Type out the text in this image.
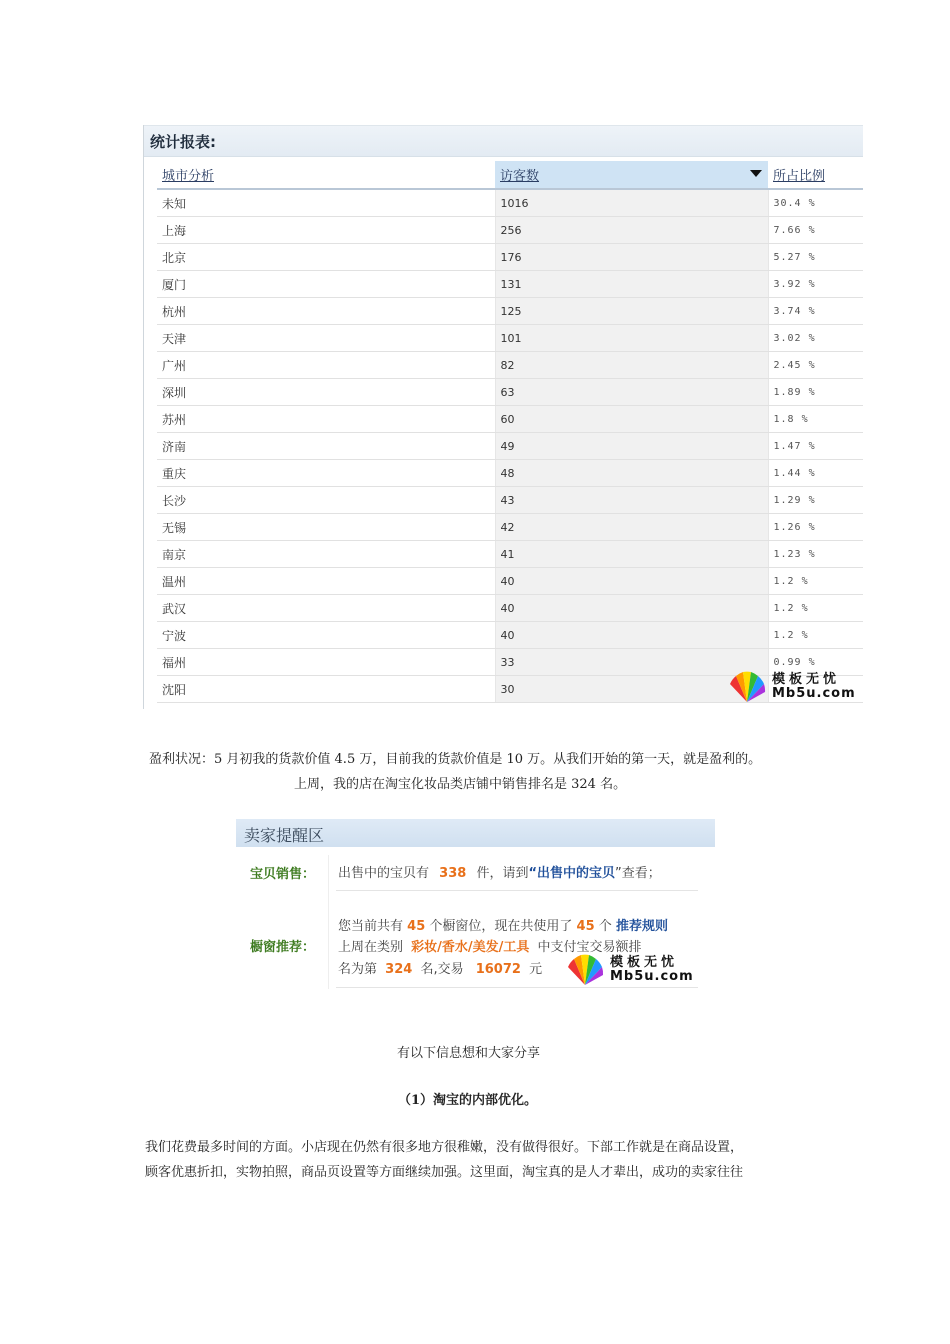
统计报表:
城市分析	访客数	所占比例
未知	1016	30.4 %
上海	256	7.66 %
北京	176	5.27 %
厦门	131	3.92 %
杭州	125	3.74 %
天津	101	3.02 %
广州	82	2.45 %
深圳	63	1.89 %
苏州	60	1.8 %
济南	49	1.47 %
重庆	48	1.44 %
长沙	43	1.29 %
无锡	42	1.26 %
南京	41	1.23 %
温州	40	1.2 %
武汉	40	1.2 %
宁波	40	1.2 %
福州	33	0.99 %
沈阳	30	
模板无忧
Mb5u.com
盈利状况：5 月初我的货款价值 4.5 万，目前我的货款价值是 10 万。从我们开始的第一天，就是盈利的。
上周，我的店在淘宝化妆品类店铺中销售排名是 324 名。
卖家提醒区
宝贝销售： 出售中的宝贝有 338 件，请到“出售中的宝贝”查看；
橱窗推荐：
您当前共有 45 个橱窗位，现在共使用了 45 个 推荐规则
上周在类别 彩妆/香水/美发/工具 中支付宝交易额排
名为第 324 名,交易 16072 元	模板无忧
Mb5u.com
有以下信息想和大家分享
（1）淘宝的内部优化。
我们花费最多时间的方面。小店现在仍然有很多地方很稚嫩，没有做得很好。下部工作就是在商品设置，
顾客优惠折扣，实物拍照，商品页设置等方面继续加强。这里面，淘宝真的是人才辈出，成功的卖家往往
